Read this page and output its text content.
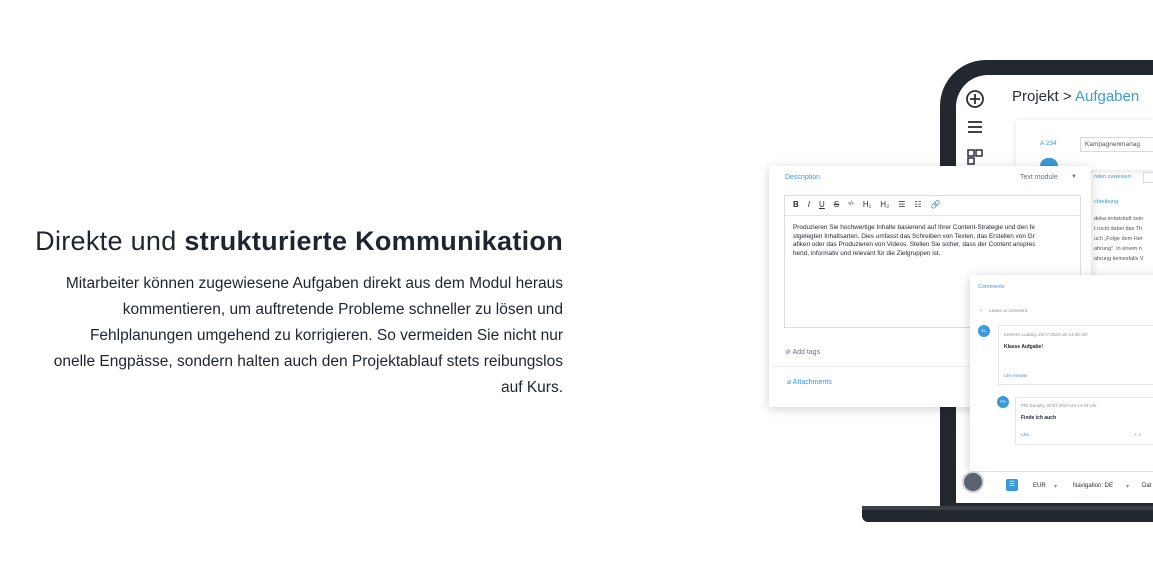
Direkte und strukturierte Kommunikation
Mitarbeiter können zugewiesene Aufgaben direkt aus dem Modul heraus
kommentieren, um auftretende Probleme schneller zu lösen und
Fehlplanungen umgehend zu korrigieren. So vermeiden Sie nicht nur
onelle Engpässe, sondern halten auch den Projektablauf stets reibungslos
auf Kurs.
Projekt > Aufgaben
A 234	Kampagnenmanag
nden zuweisen:
chreibung
deka entwickelt sein
t rückt dabei das Th
uch „Folge dem Her
ahrung". In einem n
ahrung keinesfalls V
Description	Text module ▼
B I U S ‹/› H₁ H₂ ☰ ☷ 🔗
Produzieren Sie hochwertige Inhalte basierend auf Ihrer Content-Strategie und den fe
stgelegten Inhaltsarten. Dies umfasst das Schreiben von Texten, das Erstellen von Gr
afiken oder das Produzieren von Videos. Stellen Sie sicher, dass der Content ansprec
hend, informativ und relevant für die Zielgruppen ist.
⊘ Add tags
⌀ Attachments
Comments
○ Leave a comment
EL
Eeterres Ludwig, 20.07.2023 um 14:40 Uhr
Klasse Aufgabe!
Like Answer
PD
Phil Dunphy, 20.07.2023 um 14:43 Uhr
Finde ich auch
Like	∧ ∨
☰	EUR ▾	Navigation: DE ▾ Dat
